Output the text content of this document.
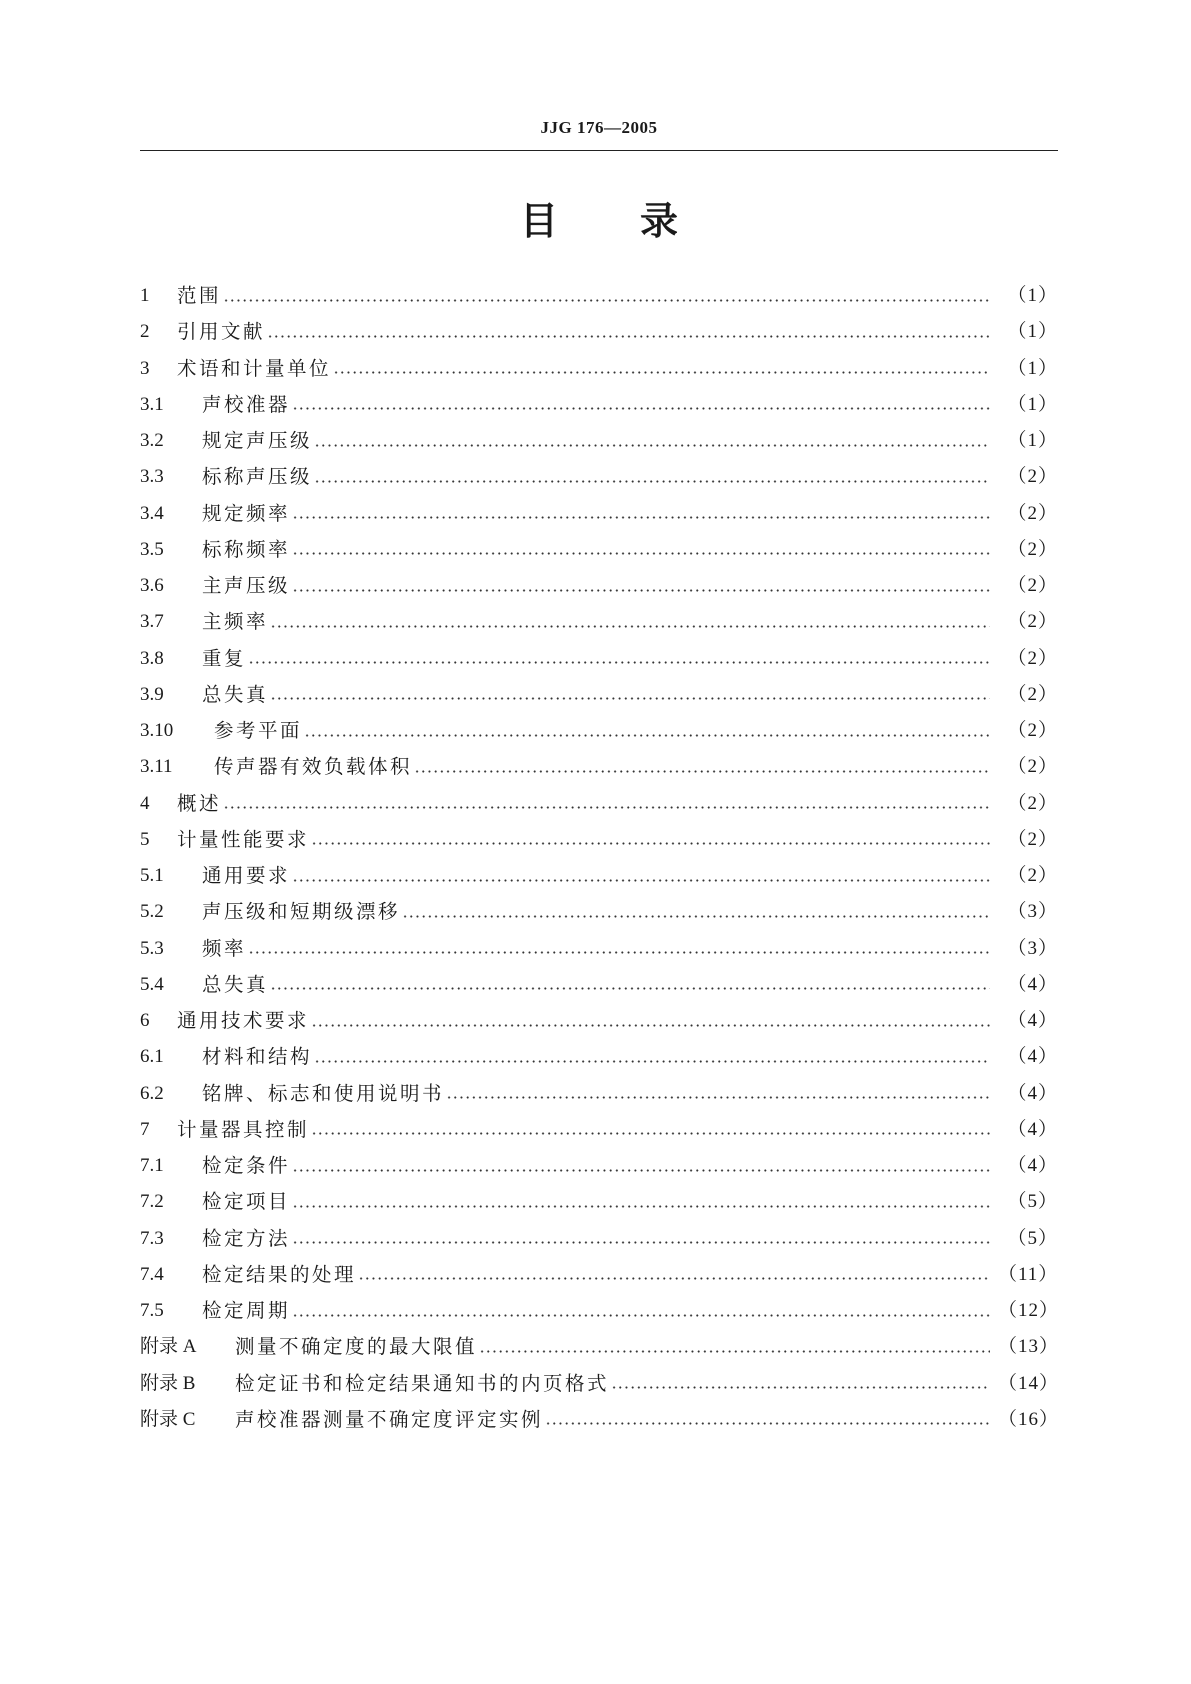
JJG 176—2005
目 录
1	范围	（1）
2	引用文献	（1）
3	术语和计量单位	（1）
3.1	声校准器	（1）
3.2	规定声压级	（1）
3.3	标称声压级	（2）
3.4	规定频率	（2）
3.5	标称频率	（2）
3.6	主声压级	（2）
3.7	主频率	（2）
3.8	重复	（2）
3.9	总失真	（2）
3.10	参考平面	（2）
3.11	传声器有效负载体积	（2）
4	概述	（2）
5	计量性能要求	（2）
5.1	通用要求	（2）
5.2	声压级和短期级漂移	（3）
5.3	频率	（3）
5.4	总失真	（4）
6	通用技术要求	（4）
6.1	材料和结构	（4）
6.2	铭牌、标志和使用说明书	（4）
7	计量器具控制	（4）
7.1	检定条件	（4）
7.2	检定项目	（5）
7.3	检定方法	（5）
7.4	检定结果的处理	（11）
7.5	检定周期	（12）
附录 A	测量不确定度的最大限值	（13）
附录 B	检定证书和检定结果通知书的内页格式	（14）
附录 C	声校准器测量不确定度评定实例	（16）
